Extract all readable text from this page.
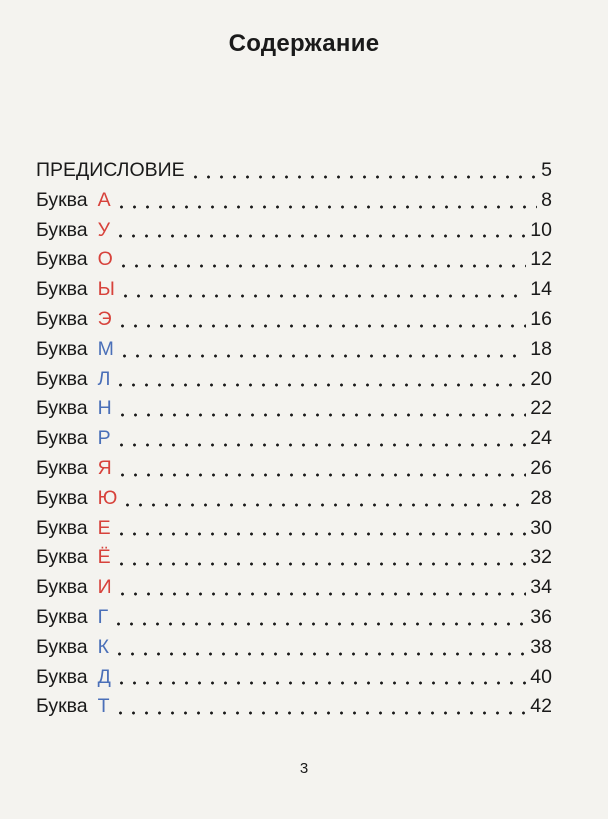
Содержание
ПРЕДИСЛОВИЕ	5
Буква А	8
Буква У	10
Буква О	12
Буква Ы	14
Буква Э	16
Буква М	18
Буква Л	20
Буква Н	22
Буква Р	24
Буква Я	26
Буква Ю	28
Буква Е	30
Буква Ё	32
Буква И	34
Буква Г	36
Буква К	38
Буква Д	40
Буква Т	42
3
